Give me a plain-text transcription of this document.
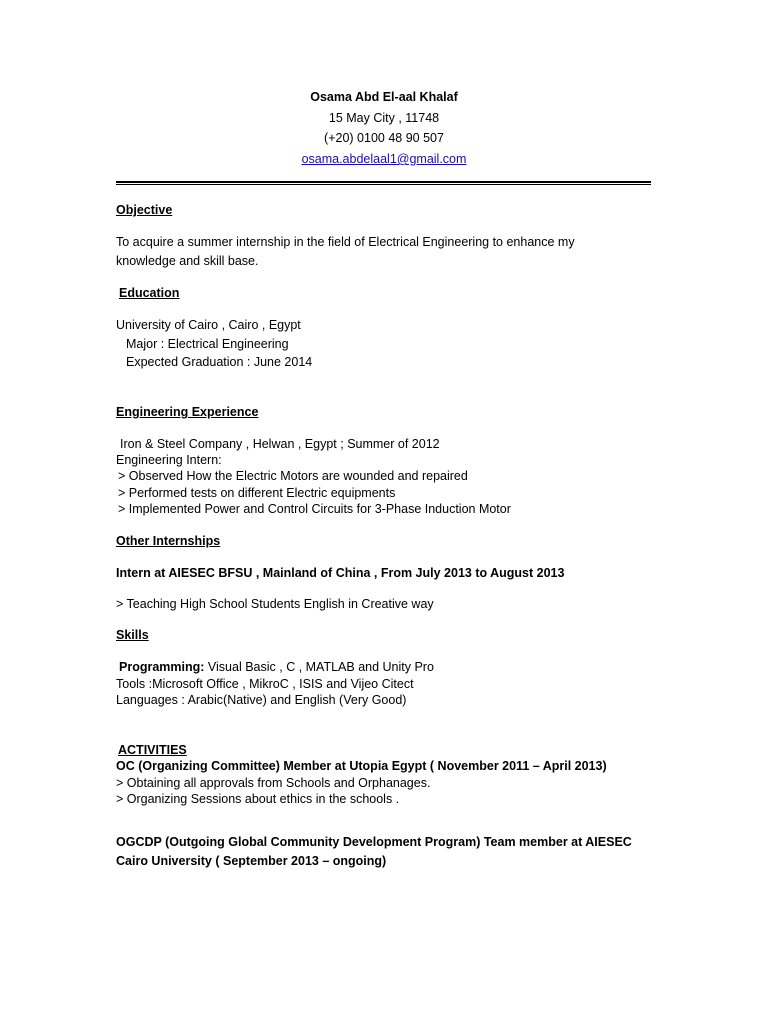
Osama Abd El-aal Khalaf
15 May City , 11748
(+20) 0100 48 90 507
osama.abdelaal1@gmail.com
Objective
To acquire a summer internship in the field of Electrical Engineering to enhance my
knowledge and skill base.
Education
University of Cairo , Cairo , Egypt
Major : Electrical Engineering
Expected Graduation : June 2014
Engineering Experience
Iron & Steel Company , Helwan , Egypt ; Summer of 2012
Engineering Intern:
> Observed How the Electric Motors are wounded and repaired
> Performed tests on different Electric equipments
> Implemented Power and Control Circuits for 3-Phase Induction Motor
Other Internships
Intern at AIESEC BFSU , Mainland of China , From July 2013 to August 2013
> Teaching High School Students English in Creative way
Skills
Programming: Visual Basic , C , MATLAB and Unity Pro
Tools :Microsoft Office , MikroC , ISIS and Vijeo Citect
Languages : Arabic(Native) and English (Very Good)
ACTIVITIES
OC (Organizing Committee) Member at Utopia Egypt ( November 2011 – April 2013)
> Obtaining all approvals from Schools and Orphanages.
> Organizing Sessions about ethics in the schools .
OGCDP (Outgoing Global Community Development Program) Team member at AIESEC
Cairo University ( September 2013 – ongoing)
